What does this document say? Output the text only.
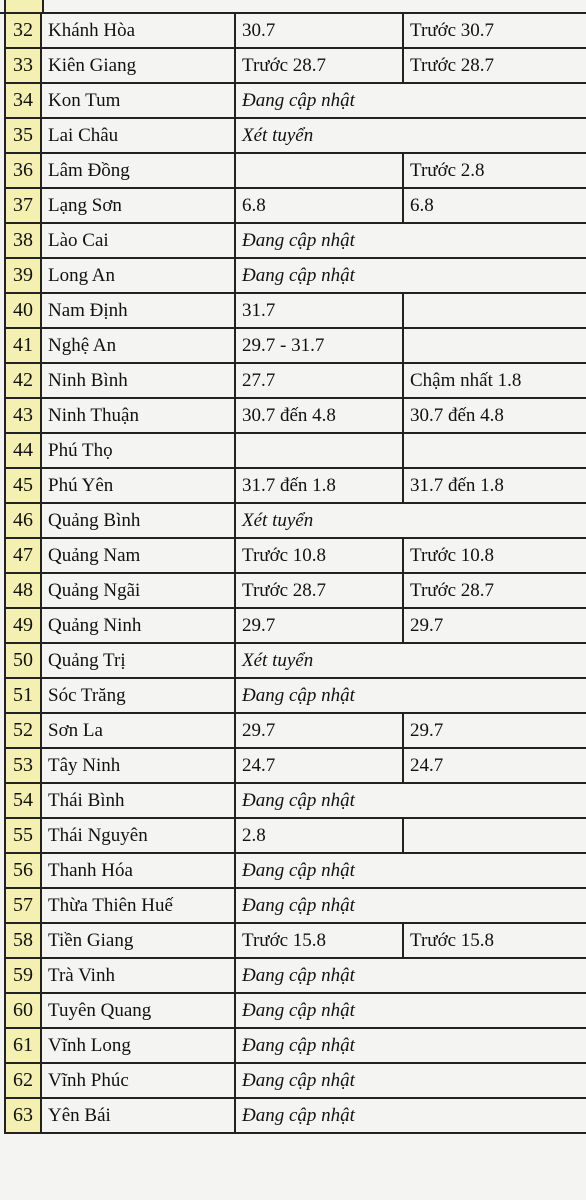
32	Khánh Hòa	30.7	Trước 30.7
33	Kiên Giang	Trước 28.7	Trước 28.7
34	Kon Tum	Đang cập nhật	
35	Lai Châu	Xét tuyển	
36	Lâm Đồng		Trước 2.8
37	Lạng Sơn	6.8	6.8
38	Lào Cai	Đang cập nhật	
39	Long An	Đang cập nhật	
40	Nam Định	31.7	
41	Nghệ An	29.7 - 31.7	
42	Ninh Bình	27.7	Chậm nhất 1.8
43	Ninh Thuận	30.7 đến 4.8	30.7 đến 4.8
44	Phú Thọ		
45	Phú Yên	31.7 đến 1.8	31.7 đến 1.8
46	Quảng Bình	Xét tuyển	
47	Quảng Nam	Trước 10.8	Trước 10.8
48	Quảng Ngãi	Trước 28.7	Trước 28.7
49	Quảng Ninh	29.7	29.7
50	Quảng Trị	Xét tuyển	
51	Sóc Trăng	Đang cập nhật	
52	Sơn La	29.7	29.7
53	Tây Ninh	24.7	24.7
54	Thái Bình	Đang cập nhật	
55	Thái Nguyên	2.8	
56	Thanh Hóa	Đang cập nhật	
57	Thừa Thiên Huế	Đang cập nhật	
58	Tiền Giang	Trước 15.8	Trước 15.8
59	Trà Vinh	Đang cập nhật	
60	Tuyên Quang	Đang cập nhật	
61	Vĩnh Long	Đang cập nhật	
62	Vĩnh Phúc	Đang cập nhật	
63	Yên Bái	Đang cập nhật	
